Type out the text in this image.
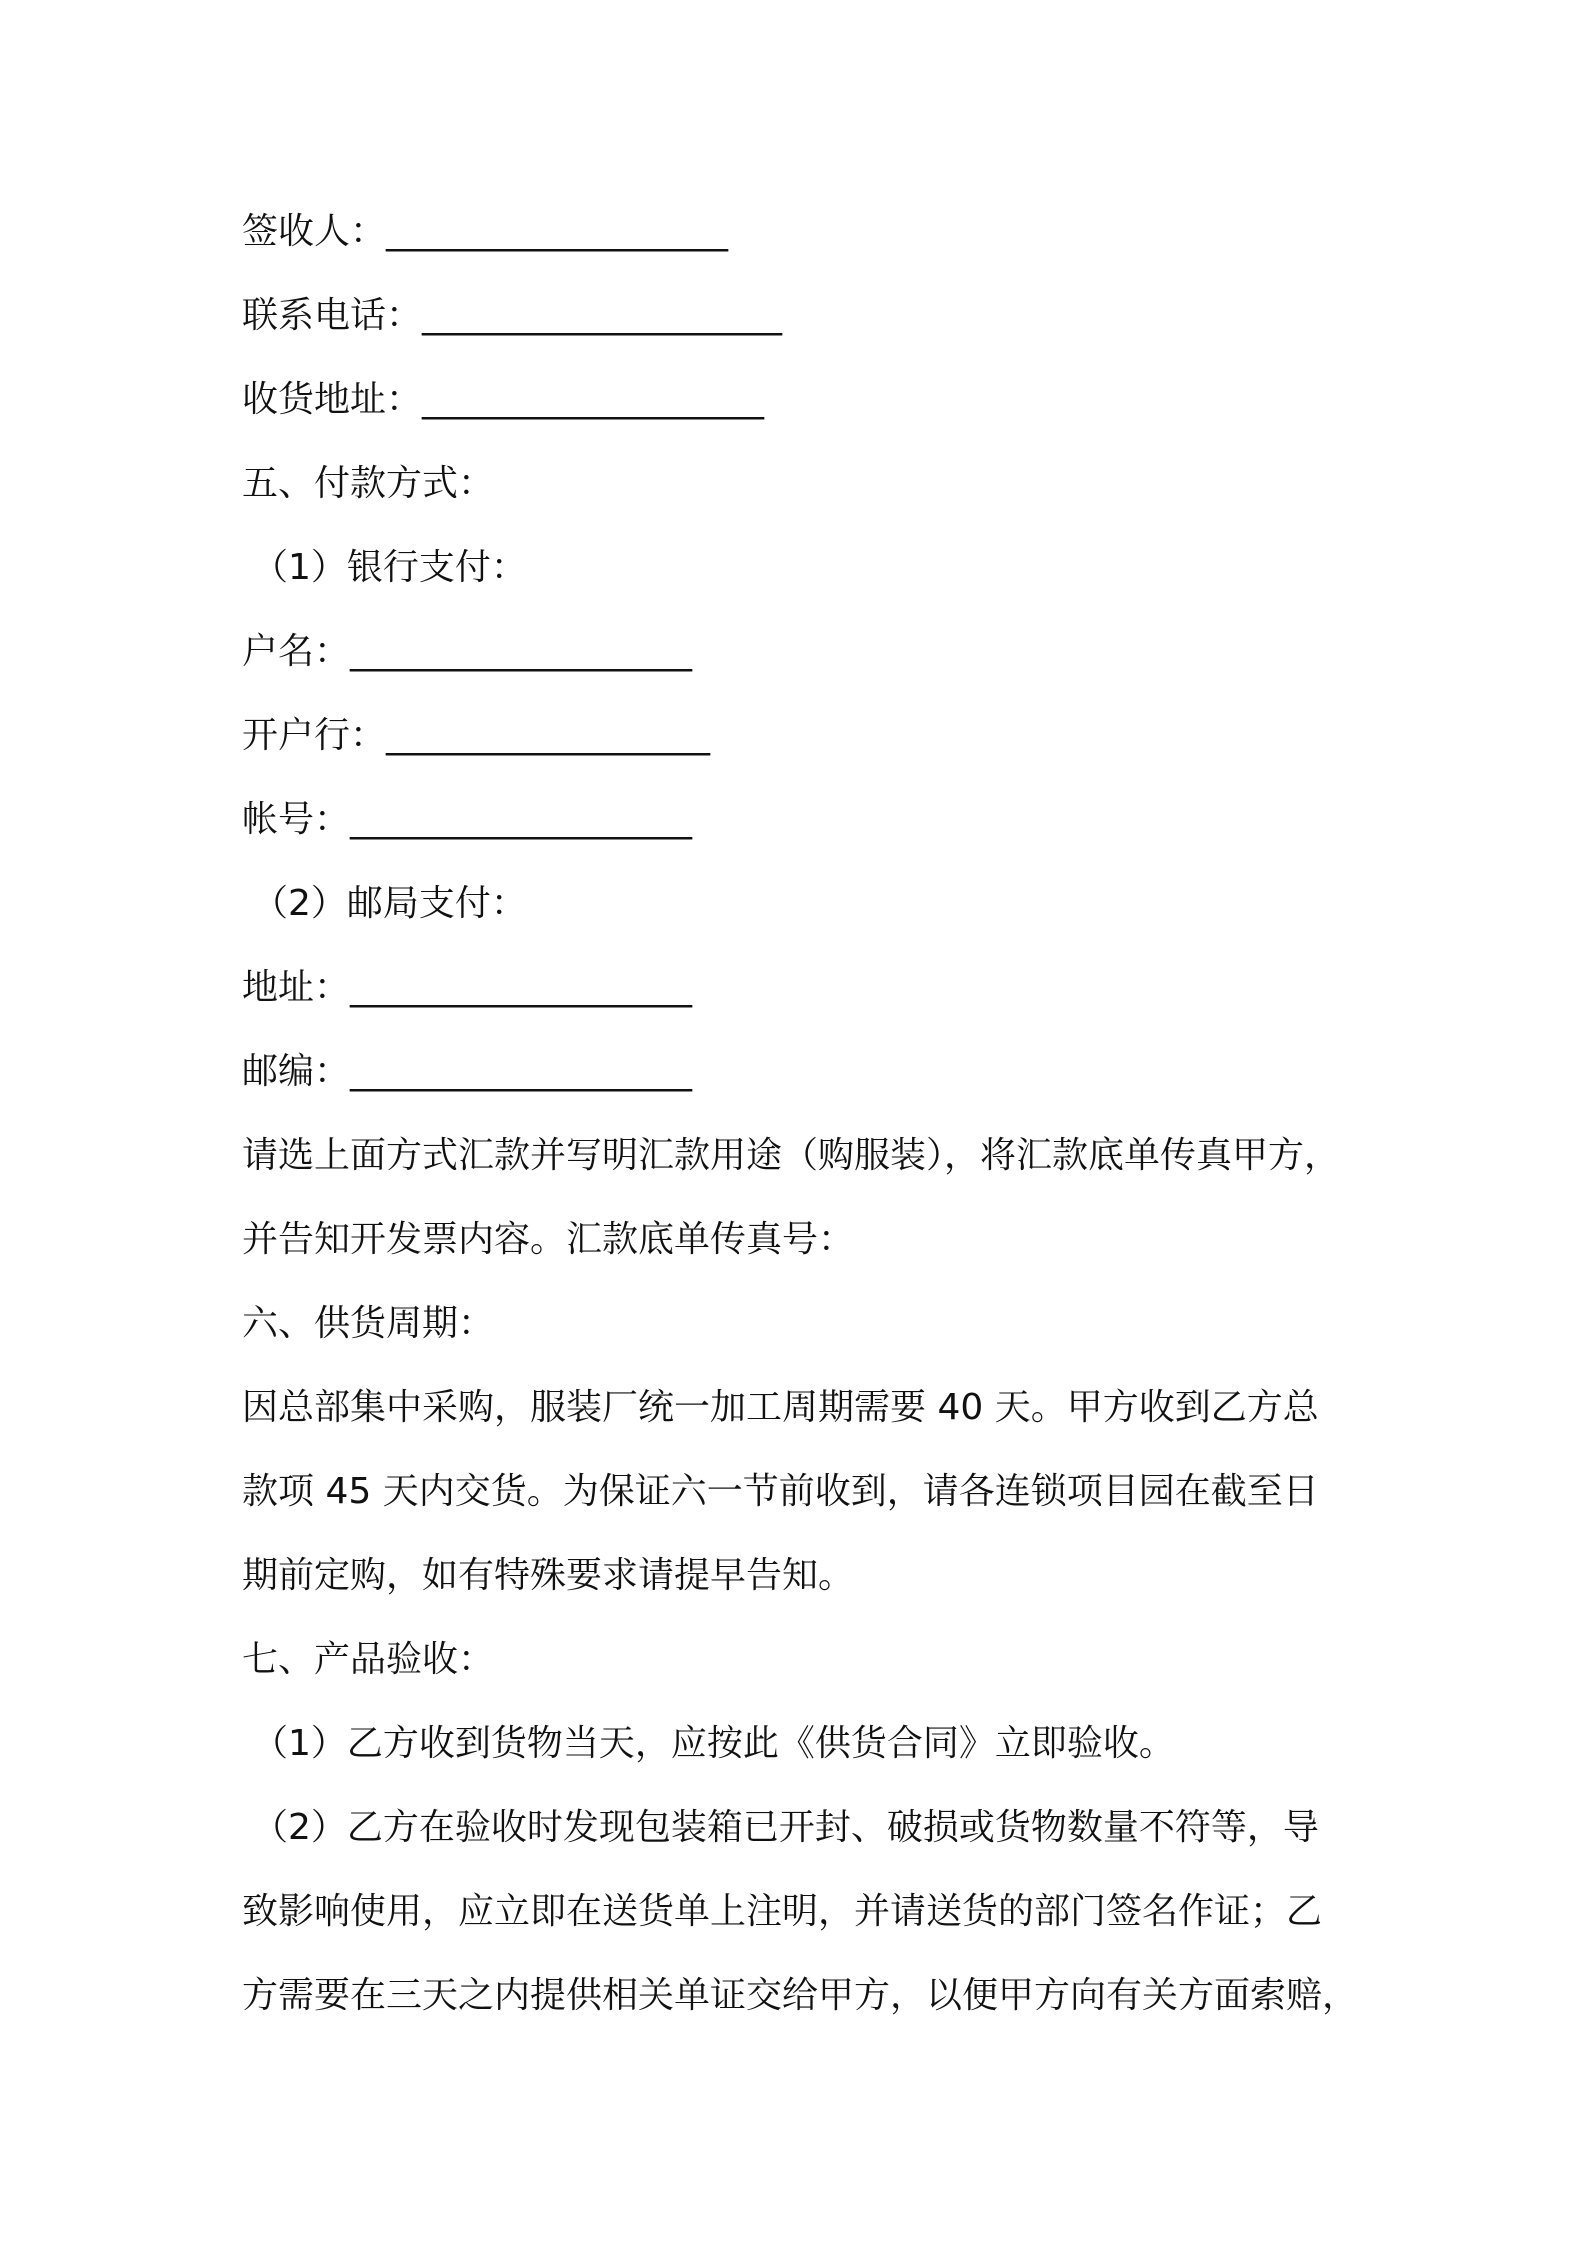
签收人：___________________
联系电话：____________________
收货地址：___________________
五、付款方式：
（1）银行支付：
户名：___________________
开户行：__________________
帐号：___________________
（2）邮局支付：
地址：___________________
邮编：___________________
请选上面方式汇款并写明汇款用途（购服装），将汇款底单传真甲方，
并告知开发票内容。汇款底单传真号：
六、供货周期：
因总部集中采购，服装厂统一加工周期需要 40 天。甲方收到乙方总
款项 45 天内交货。为保证六一节前收到，请各连锁项目园在截至日
期前定购，如有特殊要求请提早告知。
七、产品验收：
（1）乙方收到货物当天，应按此《供货合同》立即验收。
（2）乙方在验收时发现包装箱已开封、破损或货物数量不符等，导
致影响使用，应立即在送货单上注明，并请送货的部门签名作证；乙
方需要在三天之内提供相关单证交给甲方，以便甲方向有关方面索赔，
